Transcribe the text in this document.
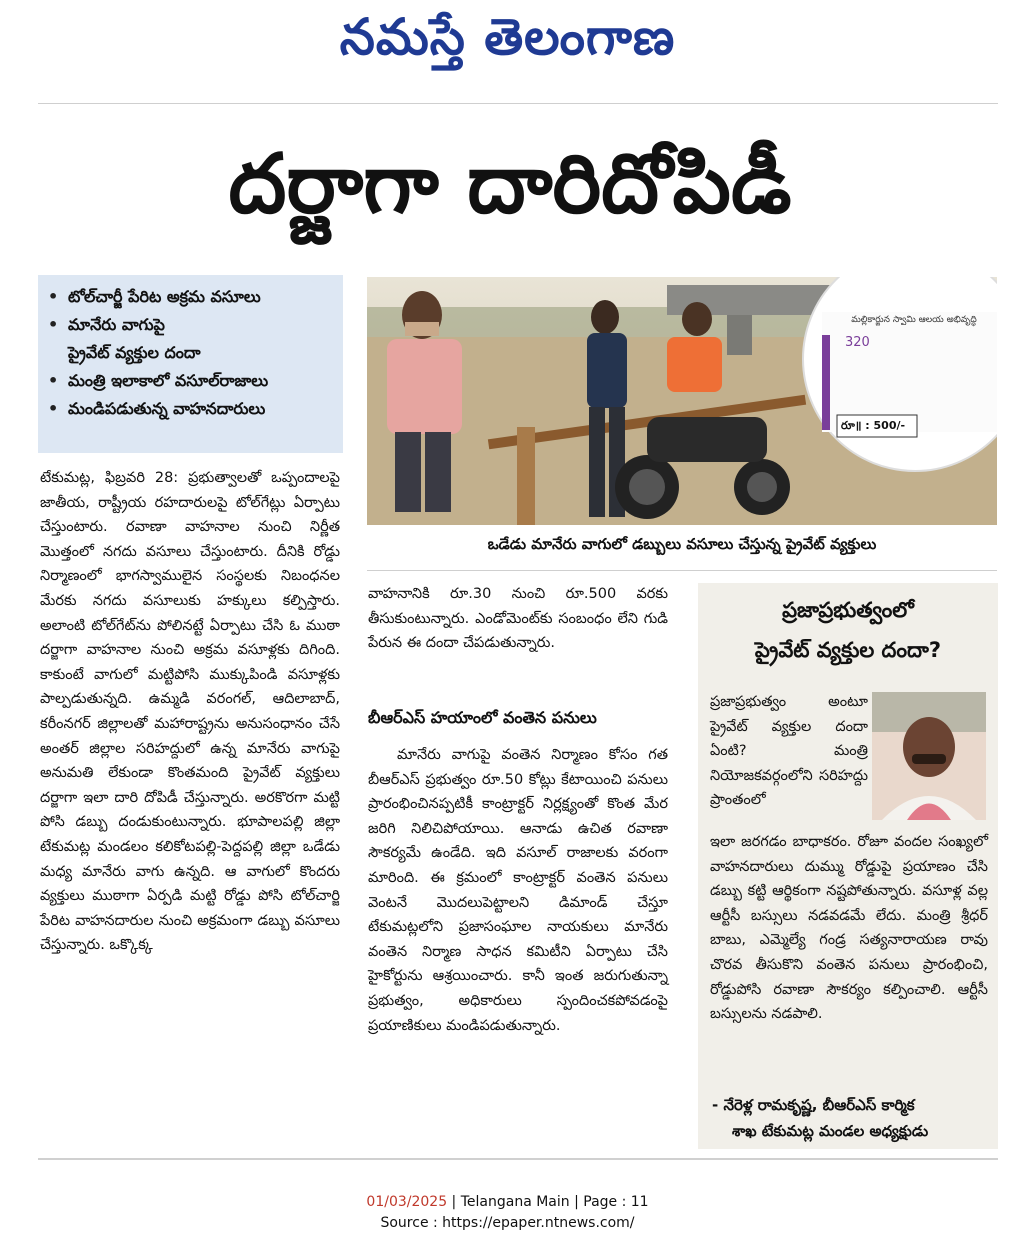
నమస్తే తెలంగాణ
దర్జాగా దారిదోపిడీ
• టోల్‌చార్జీ పేరిట అక్రమ వసూలు
• మానేరు వాగుపై
ప్రైవేట్ వ్యక్తుల దందా
• మంత్రి ఇలాకాలో వసూల్‌రాజాలు
• మండిపడుతున్న వాహనదారులు
మల్లికార్జున స్వామి ఆలయ అభివృద్ధి
320
రూ॥ : 500/-
ఒడేడు మానేరు వాగులో డబ్బులు వసూలు చేస్తున్న ప్రైవేట్ వ్యక్తులు
టేకుమట్ల, ఫిబ్రవరి 28: ప్రభుత్వాలతో ఒప్పందాలపై జాతీయ, రాష్ట్రీయ రహదారులపై టోల్‌గేట్లు ఏర్పాటు చేస్తుంటారు. రవాణా వాహనాల నుంచి నిర్ణీత మొత్తంలో నగదు వసూలు చేస్తుంటారు. దీనికి రోడ్డు నిర్మాణంలో భాగస్వాములైన సంస్థలకు నిబంధనల మేరకు నగదు వసూలుకు హక్కులు కల్పిస్తారు. అలాంటి టోల్‌గేట్‌ను పోలినట్టే ఏర్పాటు చేసి ఓ ముఠా దర్జాగా వాహనాల నుంచి అక్రమ వసూళ్లకు దిగింది. కాకుంటే వాగులో మట్టిపోసి ముక్కుపిండి వసూళ్లకు పాల్పడుతున్నది. ఉమ్మడి వరంగల్, ఆదిలాబాద్, కరీంనగర్ జిల్లాలతో మహారాష్ట్రను అనుసంధానం చేసే అంతర్ జిల్లాల సరిహద్దులో ఉన్న మానేరు వాగుపై అనుమతి లేకుండా కొంతమంది ప్రైవేట్ వ్యక్తులు దర్జాగా ఇలా దారి దోపిడీ చేస్తున్నారు. అరకొరగా మట్టి పోసి డబ్బు దండుకుంటున్నారు. భూపాలపల్లి జిల్లా టేకుమట్ల మండలం కలికోటపల్లి-పెద్దపల్లి జిల్లా ఒడేడు మధ్య మానేరు వాగు ఉన్నది. ఆ వాగులో కొందరు వ్యక్తులు ముఠాగా ఏర్పడి మట్టి రోడ్డు పోసి టోల్‌చార్జి పేరిట వాహనదారుల నుంచి అక్రమంగా డబ్బు వసూలు చేస్తున్నారు. ఒక్కొక్క
వాహనానికి రూ.30 నుంచి రూ.500 వరకు తీసుకుంటున్నారు. ఎండోమెంట్‌కు సంబంధం లేని గుడి పేరున ఈ దందా చేపడుతున్నారు.
బీఆర్‌ఎస్ హయాంలో వంతెన పనులు
మానేరు వాగుపై వంతెన నిర్మాణం కోసం గత బీఆర్‌ఎస్ ప్రభుత్వం రూ.50 కోట్లు కేటాయించి పనులు ప్రారంభించినప్పటికీ కాంట్రాక్టర్ నిర్లక్ష్యంతో కొంత మేర జరిగి నిలిచిపోయాయి. ఆనాడు ఉచిత రవాణా సౌకర్యమే ఉండేది. ఇది వసూల్ రాజాలకు వరంగా మారింది. ఈ క్రమంలో కాంట్రాక్టర్ వంతెన పనులు వెంటనే మొదలుపెట్టాలని డిమాండ్ చేస్తూ టేకుమట్లలోని ప్రజాసంఘాల నాయకులు మానేరు వంతెన నిర్మాణ సాధన కమిటీని ఏర్పాటు చేసి హైకోర్టును ఆశ్రయించారు. కానీ ఇంత జరుగుతున్నా ప్రభుత్వం, అధికారులు స్పందించకపోవడంపై ప్రయాణికులు మండిపడుతున్నారు.
ప్రజాప్రభుత్వంలో
ప్రైవేట్ వ్యక్తుల దందా?
ప్రజాప్రభుత్వం అంటూ ప్రైవేట్ వ్యక్తుల దందా ఏంటి? మంత్రి నియోజకవర్గంలోని సరిహద్దు ప్రాంతంలో
ఇలా జరగడం బాధాకరం. రోజూ వందల సంఖ్యలో వాహనదారులు దుమ్ము రోడ్డుపై ప్రయాణం చేసి డబ్బు కట్టి ఆర్థికంగా నష్టపోతున్నారు. వసూళ్ల వల్ల ఆర్టీసీ బస్సులు నడవడమే లేదు. మంత్రి శ్రీధర్ బాబు, ఎమ్మెల్యే గండ్ర సత్యనారాయణ రావు చొరవ తీసుకొని వంతెన పనులు ప్రారంభించి, రోడ్డుపోసి రవాణా సౌకర్యం కల్పించాలి. ఆర్టీసీ బస్సులను నడపాలి.
- నేరెళ్ల రామకృష్ణ, బీఆర్‌ఎస్ కార్మిక
శాఖ టేకుమట్ల మండల అధ్యక్షుడు
01/03/2025 | Telangana Main | Page : 11
Source : https://epaper.ntnews.com/
